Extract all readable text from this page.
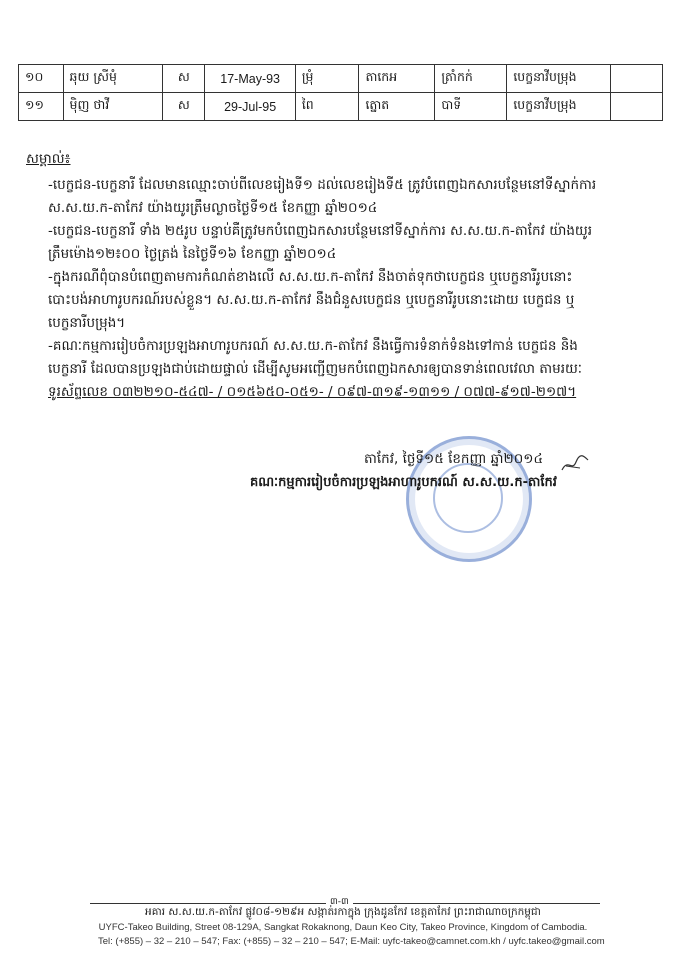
១០	ឆុយ ស្រីមុំ	ស	17-May-93	ម្រុំ	តាកេអ	ត្រាំកក់	បេក្ខនាវីបម្រុង	
១១	ម៉ិញ ថាវី	ស	29-Jul-95	ពៃ	ត្នោត	បាទី	បេក្ខនាវីបម្រុង	
សម្គាល់៖
-បេក្ខជន-បេក្ខនារី ដែលមានឈ្មោះចាប់ពីលេខរៀងទី១ ដល់លេខរៀងទី៥ ត្រូវបំពេញឯកសារបន្ថែមនៅទីស្នាក់ការ
ស.ស.យ.ក-តាកែវ យ៉ាងយូរត្រឹមល្ងាចថ្ងៃទី១៥ ខែកញ្ញា ឆ្នាំ២០១៤
-បេក្ខជន-បេក្ខនារី ទាំង ២៥រូប បន្ទាប់គឺត្រូវមកបំពេញឯកសារបន្ថែមនៅទីស្នាក់ការ ស.ស.យ.ក-តាកែវ យ៉ាងយូរ
ត្រឹមម៉ោង១២៖០០ ថ្ងៃត្រង់ នៃថ្ងៃទី១៦ ខែកញ្ញា ឆ្នាំ២០១៤
-ក្នុងករណីពុំបានបំពេញតាមការកំណត់ខាងលើ ស.ស.យ.ក-តាកែវ នឹងចាត់ទុកថាបេក្ខជន ឬបេក្ខនារីរូបនោះ
បោះបង់អាហារូបករណ៍របស់ខ្លួន។ ស.ស.យ.ក-តាកែវ នឹងជំនួសបេក្ខជន ឬបេក្ខនារីរូបនោះដោយ បេក្ខជន ឬ
បេក្ខនារីបម្រុង។
-គណៈកម្មការរៀបចំការប្រឡងអាហារូបករណ៍ ស.ស.យ.ក-តាកែវ នឹងធ្វើការទំនាក់ទំនងទៅកាន់ បេក្ខជន និង
បេក្ខនារី ដែលបានប្រឡងជាប់ដោយផ្ទាល់ ដើម្បីសូមអញ្ជើញមកបំពេញឯកសារឲ្យបានទាន់ពេលវេលា តាមរយៈ
ទូរស័ព្ទលេខ ០៣២២១០-៥៤៧- / ០១៥៦៥០-០៥១- / ០៩៧-៣១៩-១៣១១ / ០៧៧-៩១៧-២១៧។
តាកែវ, ថ្ងៃទី១៥ ខែកញ្ញា ឆ្នាំ២០១៤
គណៈកម្មការរៀបចំការប្រឡងអាហារូបករណ៍ ស.ស.យ.ក-តាកែវ
៣-៣
អគារ ស.ស.យ.ក-តាកែវ ផ្លូវ០៨-១២៩អ សង្កាត់រកាក្នុង ក្រុងដូនកែវ ខេត្តតាកែវ ព្រះរាជាណាចក្រកម្ពុជា
UYFC-Takeo Building, Street 08-129A, Sangkat Rokaknong, Daun Keo City, Takeo Province, Kingdom of Cambodia.
Tel: (+855) – 32 – 210 – 547; Fax: (+855) – 32 – 210 – 547; E-Mail: uyfc-takeo@camnet.com.kh / uyfc.takeo@gmail.com
